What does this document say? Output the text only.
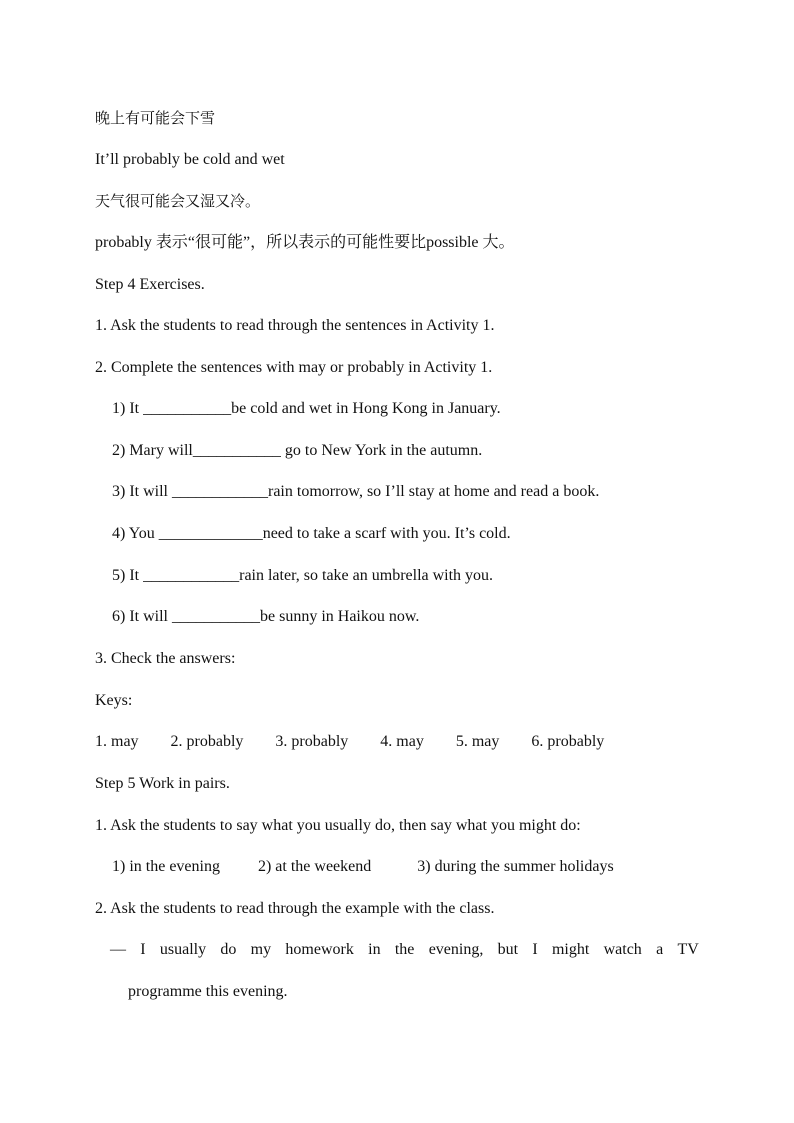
晚上有可能会下雪
It’ll probably be cold and wet
天气很可能会又湿又冷。
probably 表示“很可能”，所以表示的可能性要比possible 大。
Step 4 Exercises.
1. Ask the students to read through the sentences in Activity 1.
2. Complete the sentences with may or probably in Activity 1.
1) It ___________be cold and wet in Hong Kong in January.
2) Mary will___________ go to New York in the autumn.
3) It will ____________rain tomorrow, so I’ll stay at home and read a book.
4) You _____________need to take a scarf with you. It’s cold.
5) It ____________rain later, so take an umbrella with you.
6) It will ___________be sunny in Haikou now.
3. Check the answers:
Keys:
1. may 2. probably 3. probably 4. may 5. may 6. probably
Step 5 Work in pairs.
1. Ask the students to say what you usually do, then say what you might do:
1) in the evening 2) at the weekend	3) during the summer holidays
2. Ask the students to read through the example with the class.
— I usually do my homework in the evening, but I might watch a TV
programme this evening.
